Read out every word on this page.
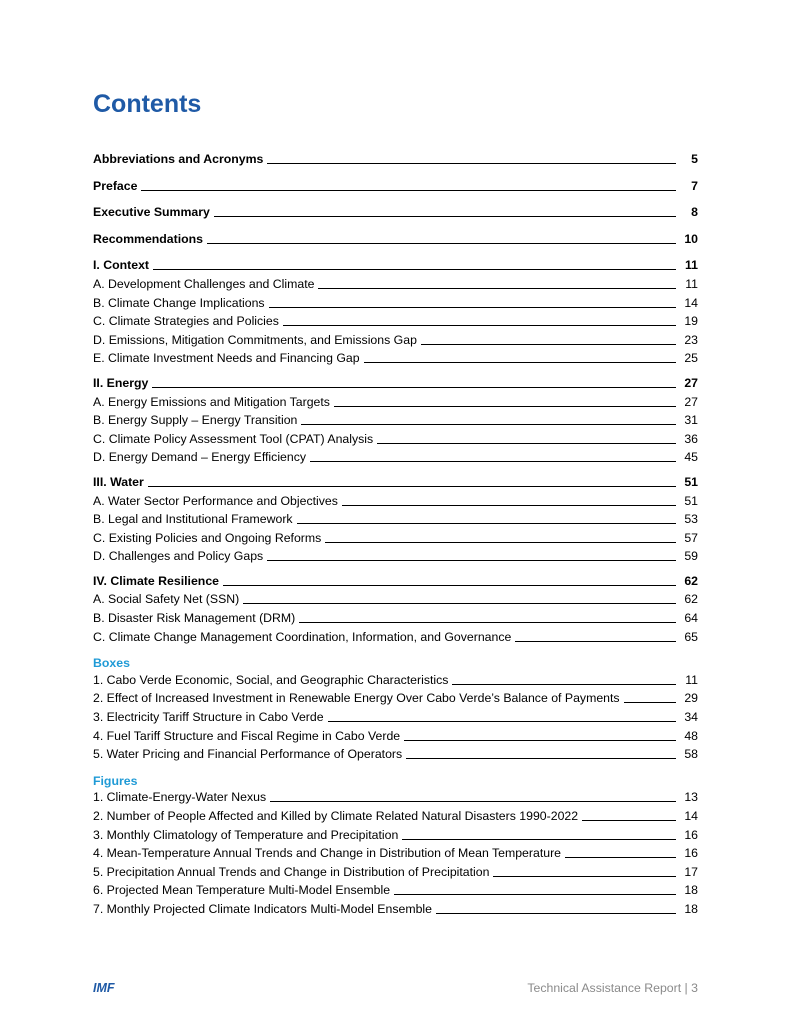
Contents
Abbreviations and Acronyms	5
Preface	7
Executive Summary	8
Recommendations	10
I. Context	11
A. Development Challenges and Climate	11
B. Climate Change Implications	14
C. Climate Strategies and Policies	19
D. Emissions, Mitigation Commitments, and Emissions Gap	23
E. Climate Investment Needs and Financing Gap	25
II. Energy	27
A. Energy Emissions and Mitigation Targets	27
B. Energy Supply – Energy Transition	31
C. Climate Policy Assessment Tool (CPAT) Analysis	36
D. Energy Demand – Energy Efficiency	45
III. Water	51
A. Water Sector Performance and Objectives	51
B. Legal and Institutional Framework	53
C. Existing Policies and Ongoing Reforms	57
D. Challenges and Policy Gaps	59
IV. Climate Resilience	62
A. Social Safety Net (SSN)	62
B. Disaster Risk Management (DRM)	64
C. Climate Change Management Coordination, Information, and Governance	65
Boxes
1. Cabo Verde Economic, Social, and Geographic Characteristics	11
2. Effect of Increased Investment in Renewable Energy Over Cabo Verde’s Balance of Payments	29
3. Electricity Tariff Structure in Cabo Verde	34
4. Fuel Tariff Structure and Fiscal Regime in Cabo Verde	48
5. Water Pricing and Financial Performance of Operators	58
Figures
1. Climate-Energy-Water Nexus	13
2. Number of People Affected and Killed by Climate Related Natural Disasters 1990-2022	14
3. Monthly Climatology of Temperature and Precipitation	16
4. Mean-Temperature Annual Trends and Change in Distribution of Mean Temperature	16
5. Precipitation Annual Trends and Change in Distribution of Precipitation	17
6. Projected Mean Temperature Multi-Model Ensemble	18
7. Monthly Projected Climate Indicators Multi-Model Ensemble	18
IMF	Technical Assistance Report | 3
